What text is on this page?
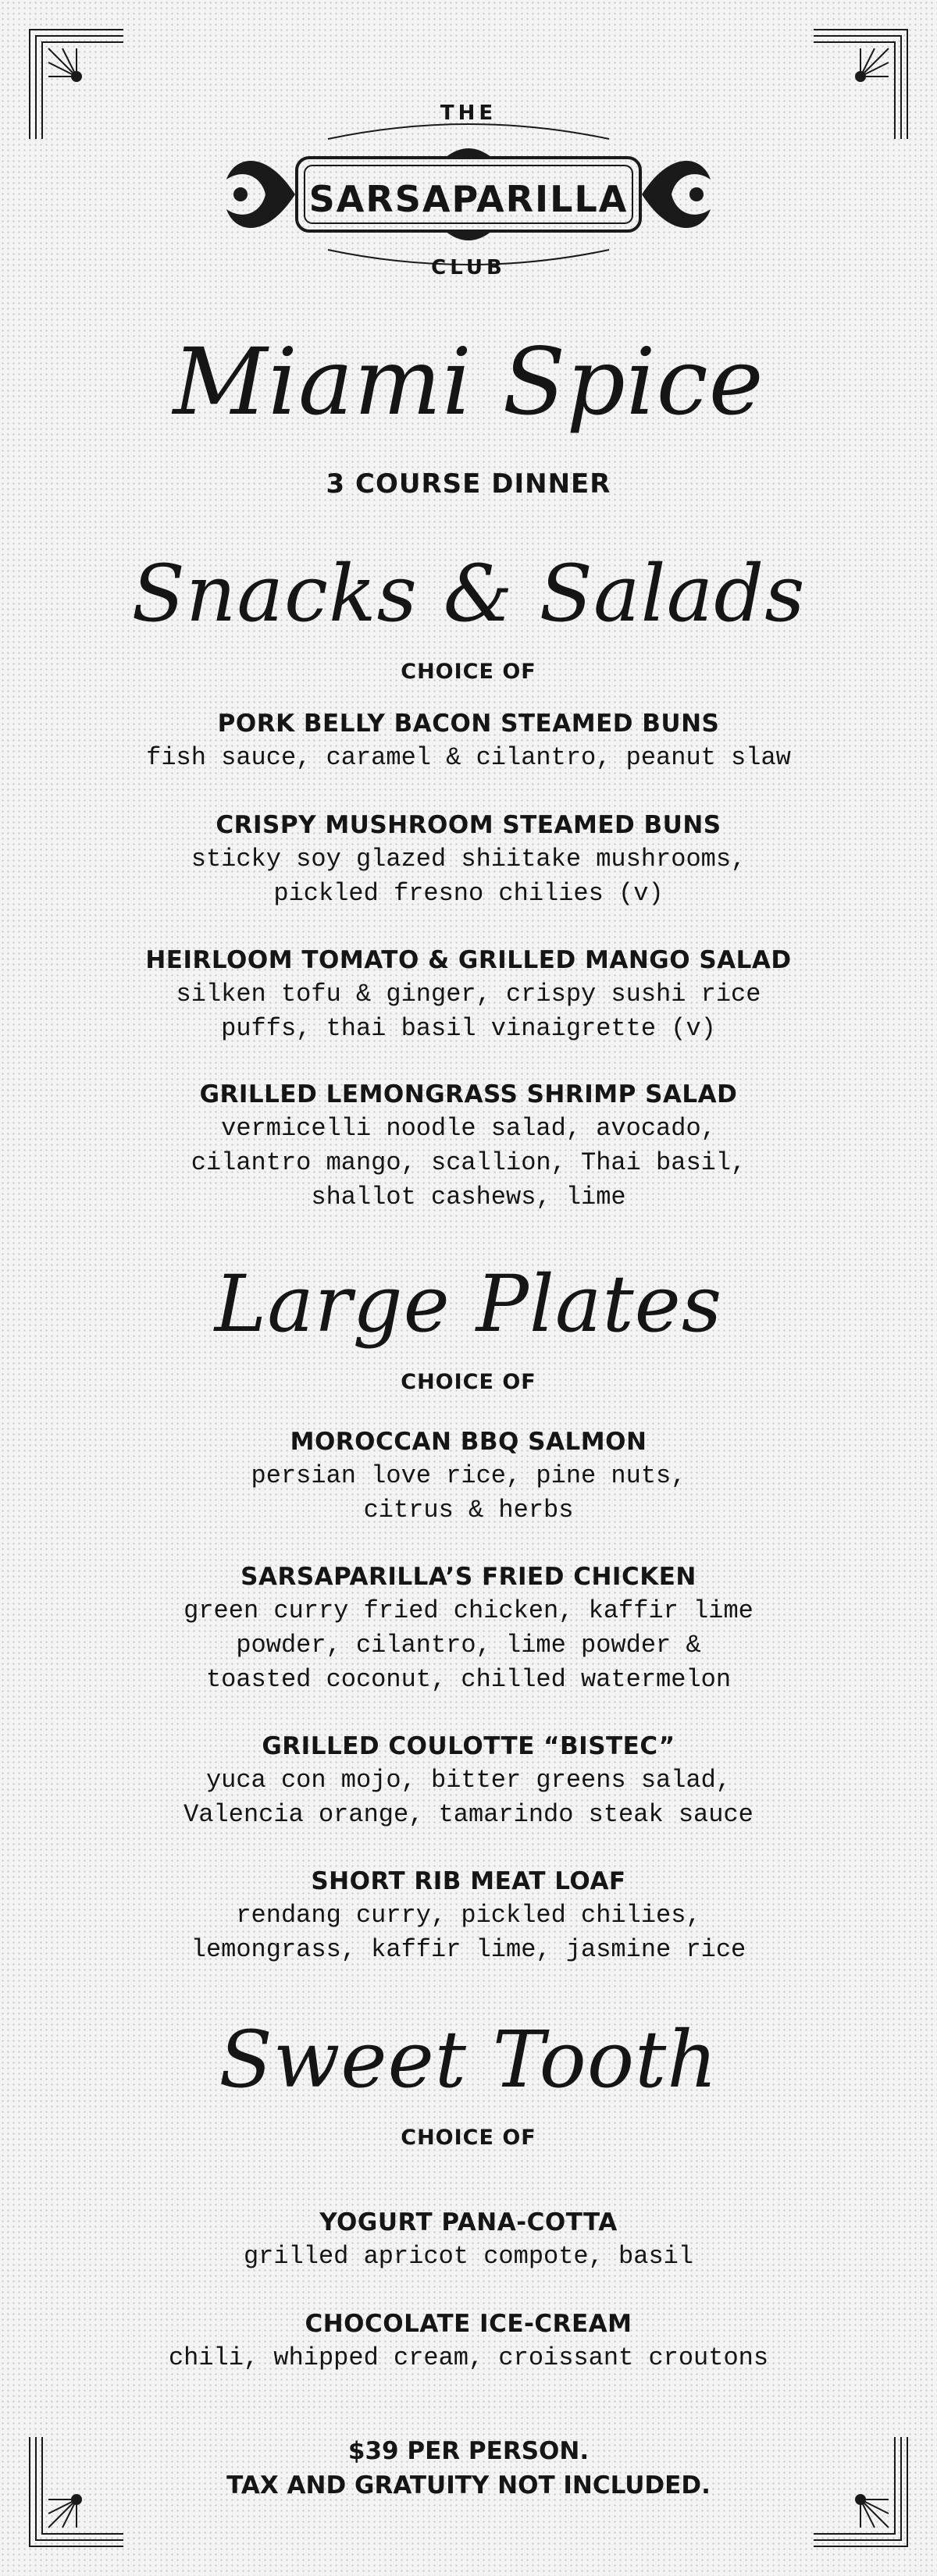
THE
SARSAPARILLA
CLUB
Miami Spice
3 COURSE DINNER
Snacks & Salads
CHOICE OF
PORK BELLY BACON STEAMED BUNS
fish sauce, caramel & cilantro, peanut slaw
CRISPY MUSHROOM STEAMED BUNS
sticky soy glazed shiitake mushrooms,
pickled fresno chilies (v)
HEIRLOOM TOMATO & GRILLED MANGO SALAD
silken tofu & ginger, crispy sushi rice
puffs, thai basil vinaigrette (v)
GRILLED LEMONGRASS SHRIMP SALAD
vermicelli noodle salad, avocado,
cilantro mango, scallion, Thai basil,
shallot cashews, lime
Large Plates
CHOICE OF
MOROCCAN BBQ SALMON
persian love rice, pine nuts,
citrus & herbs
SARSAPARILLA’S FRIED CHICKEN
green curry fried chicken, kaffir lime
powder, cilantro, lime powder &
toasted coconut, chilled watermelon
GRILLED COULOTTE “BISTEC”
yuca con mojo, bitter greens salad,
Valencia orange, tamarindo steak sauce
SHORT RIB MEAT LOAF
rendang curry, pickled chilies,
lemongrass, kaffir lime, jasmine rice
Sweet Tooth
CHOICE OF
YOGURT PANA-COTTA
grilled apricot compote, basil
CHOCOLATE ICE-CREAM
chili, whipped cream, croissant croutons
$39 PER PERSON.
TAX AND GRATUITY NOT INCLUDED.
